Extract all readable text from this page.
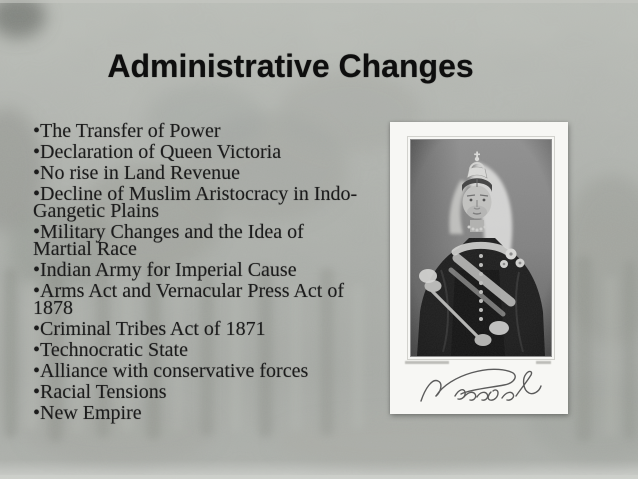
Administrative Changes
•The Transfer of Power
•Declaration of Queen Victoria
•No rise in Land Revenue
•Decline of Muslim Aristocracy in Indo-
Gangetic Plains
•Military Changes and the Idea of
Martial Race
•Indian Army for Imperial Cause
•Arms Act and Vernacular Press Act of
1878
•Criminal Tribes Act of 1871
•Technocratic State
•Alliance with conservative forces
•Racial Tensions
•New Empire
